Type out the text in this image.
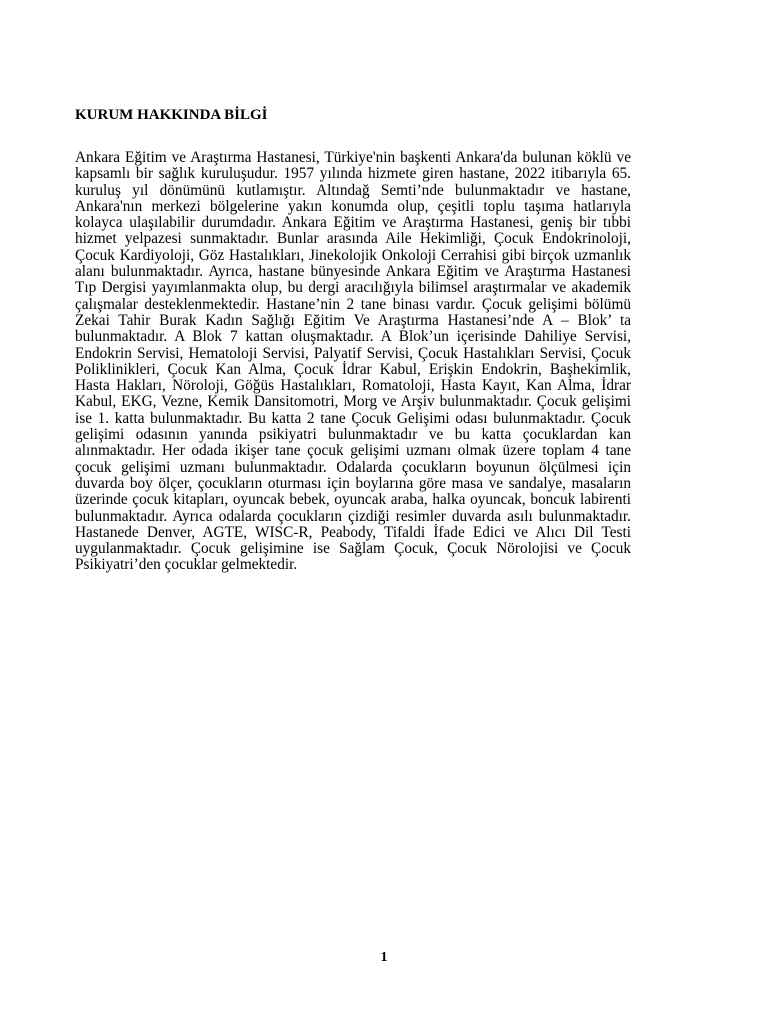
KURUM HAKKINDA BİLGİ

Ankara Eğitim ve Araştırma Hastanesi, Türkiye'nin başkenti Ankara'da bulunan köklü ve kapsamlı bir sağlık kuruluşudur. 1957 yılında hizmete giren hastane, 2022 itibarıyla 65. kuruluş yıl dönümünü kutlamıştır. Altındağ Semti’nde bulunmaktadır ve hastane, Ankara'nın merkezi bölgelerine yakın konumda olup, çeşitli toplu taşıma hatlarıyla kolayca ulaşılabilir durumdadır. Ankara Eğitim ve Araştırma Hastanesi, geniş bir tıbbi hizmet yelpazesi sunmaktadır. Bunlar arasında Aile Hekimliği, Çocuk Endokrinoloji, Çocuk Kardiyoloji, Göz Hastalıkları, Jinekolojik Onkoloji Cerrahisi gibi birçok uzmanlık alanı bulunmaktadır. Ayrıca, hastane bünyesinde Ankara Eğitim ve Araştırma Hastanesi Tıp Dergisi yayımlanmakta olup, bu dergi aracılığıyla bilimsel araştırmalar ve akademik çalışmalar desteklenmektedir. Hastane’nin 2 tane binası vardır. Çocuk gelişimi bölümü Zekai Tahir Burak Kadın Sağlığı Eğitim Ve Araştırma Hastanesi’nde A – Blok’ ta bulunmaktadır. A Blok 7 kattan oluşmaktadır. A Blok’un içerisinde Dahiliye Servisi, Endokrin Servisi, Hematoloji Servisi, Palyatif Servisi, Çocuk Hastalıkları Servisi, Çocuk Poliklinikleri, Çocuk Kan Alma, Çocuk İdrar Kabul, Erişkin Endokrin, Başhekimlik, Hasta Hakları, Nöroloji, Göğüs Hastalıkları, Romatoloji, Hasta Kayıt, Kan Alma, İdrar Kabul, EKG, Vezne, Kemik Dansitomotri, Morg ve Arşiv bulunmaktadır. Çocuk gelişimi ise 1. katta bulunmaktadır. Bu katta 2 tane Çocuk Gelişimi odası bulunmaktadır. Çocuk gelişimi odasının yanında psikiyatri bulunmaktadır ve bu katta çocuklardan kan alınmaktadır. Her odada ikişer tane çocuk gelişimi uzmanı olmak üzere toplam 4 tane çocuk gelişimi uzmanı bulunmaktadır. Odalarda çocukların boyunun ölçülmesi için duvarda boy ölçer, çocukların oturması için boylarına göre masa ve sandalye, masaların üzerinde çocuk kitapları, oyuncak bebek, oyuncak araba, halka oyuncak, boncuk labirenti bulunmaktadır. Ayrıca odalarda çocukların çizdiği resimler duvarda asılı bulunmaktadır. Hastanede Denver, AGTE, WISC-R, Peabody, Tifaldi İfade Edici ve Alıcı Dil Testi uygulanmaktadır. Çocuk gelişimine ise Sağlam Çocuk, Çocuk Nörolojisi ve Çocuk Psikiyatri’den çocuklar gelmektedir.

1
